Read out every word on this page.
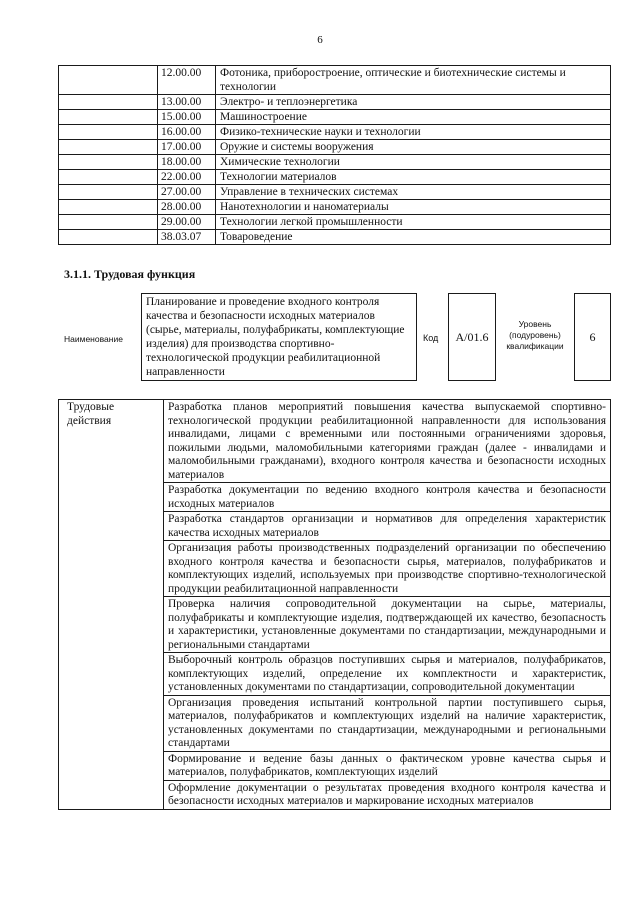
6
	12.00.00	Фотоника, приборостроение, оптические и биотехнические системы и технологии
	13.00.00	Электро- и теплоэнергетика
	15.00.00	Машиностроение
	16.00.00	Физико-технические науки и технологии
	17.00.00	Оружие и системы вооружения
	18.00.00	Химические технологии
	22.00.00	Технологии материалов
	27.00.00	Управление в технических системах
	28.00.00	Нанотехнологии и наноматериалы
	29.00.00	Технологии легкой промышленности
	38.03.07	Товароведение
3.1.1. Трудовая функция
Наименование
Планирование и проведение входного контроля качества и безопасности исходных материалов (сырье, материалы, полуфабрикаты, комплектующие изделия) для производства спортивно-технологической продукции реабилитационной направленности
Код А/01.6
Уровень
(подуровень)
квалификации
6
Трудовые
действия
	Разработка планов мероприятий повышения качества выпускаемой спортивно-технологической продукции реабилитационной направленности для использования инвалидами, лицами с временными или постоянными ограничениями здоровья, пожилыми людьми, маломобильными категориями граждан (далее - инвалидами и маломобильными гражданами), входного контроля качества и безопасности исходных материалов
Разработка документации по ведению входного контроля качества и безопасности исходных материалов
Разработка стандартов организации и нормативов для определения характеристик качества исходных материалов
Организация работы производственных подразделений организации по обеспечению входного контроля качества и безопасности сырья, материалов, полуфабрикатов и комплектующих изделий, используемых при производстве спортивно-технологической продукции реабилитационной направленности
Проверка наличия сопроводительной документации на сырье, материалы, полуфабрикаты и комплектующие изделия, подтверждающей их качество, безопасность и характеристики, установленные документами по стандартизации, международными и региональными стандартами
Выборочный контроль образцов поступивших сырья и материалов, полуфабрикатов, комплектующих изделий, определение их комплектности и характеристик, установленных документами по стандартизации, сопроводительной документации
Организация проведения испытаний контрольной партии поступившего сырья, материалов, полуфабрикатов и комплектующих изделий на наличие характеристик, установленных документами по стандартизации, международными и региональными стандартами
Формирование и ведение базы данных о фактическом уровне качества сырья и материалов, полуфабрикатов, комплектующих изделий
Оформление документации о результатах проведения входного контроля качества и безопасности исходных материалов и маркирование исходных материалов
